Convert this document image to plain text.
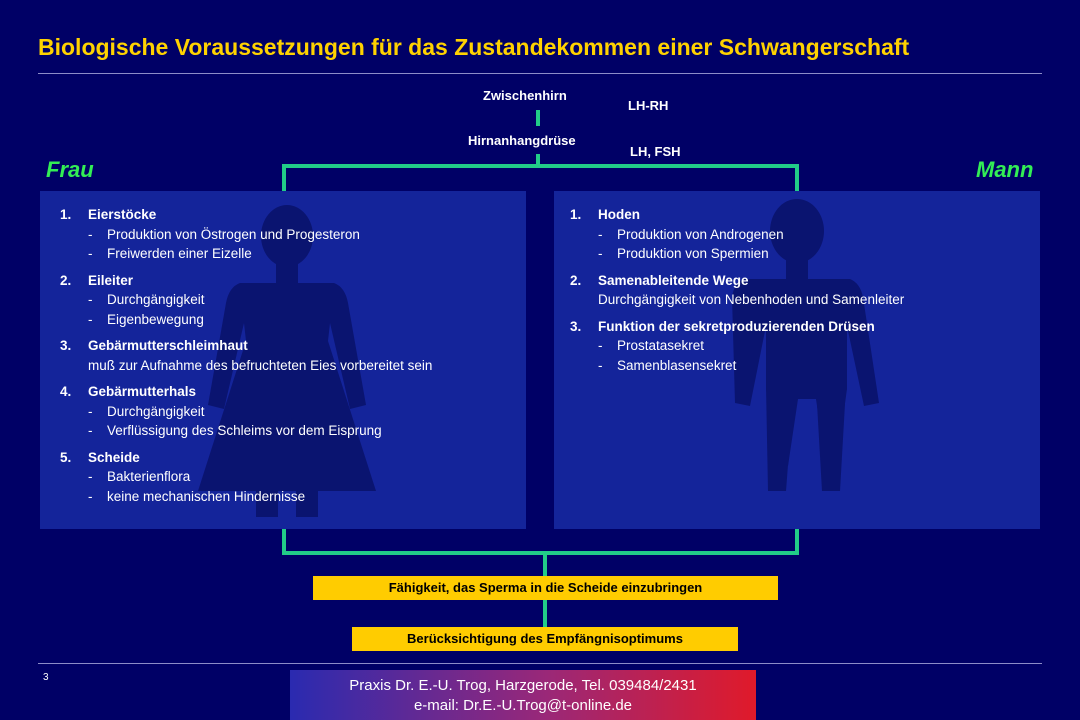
Biologische Voraussetzungen für das Zustandekommen einer Schwangerschaft
Zwischenhirn
LH-RH
Hirnanhangdrüse
LH, FSH
Frau	Mann
1. Eierstöcke
- Produktion von Östrogen und Progesteron
- Freiwerden einer Eizelle
2. Eileiter
- Durchgängigkeit
- Eigenbewegung
3. Gebärmutterschleimhaut
muß zur Aufnahme des befruchteten Eies vorbereitet sein
4. Gebärmutterhals
- Durchgängigkeit
- Verflüssigung des Schleims vor dem Eisprung
5. Scheide
- Bakterienflora
- keine mechanischen Hindernisse
1. Hoden
- Produktion von Androgenen
- Produktion von Spermien
2. Samenableitende Wege
Durchgängigkeit von Nebenhoden und Samenleiter
3. Funktion der sekretproduzierenden Drüsen
- Prostatasekret
- Samenblasensekret
Fähigkeit, das Sperma in die Scheide einzubringen
Berücksichtigung des Empfängnisoptimums
3	Praxis Dr. E.-U. Trog, Harzgerode, Tel. 039484/2431
e-mail: Dr.E.-U.Trog@t-online.de
